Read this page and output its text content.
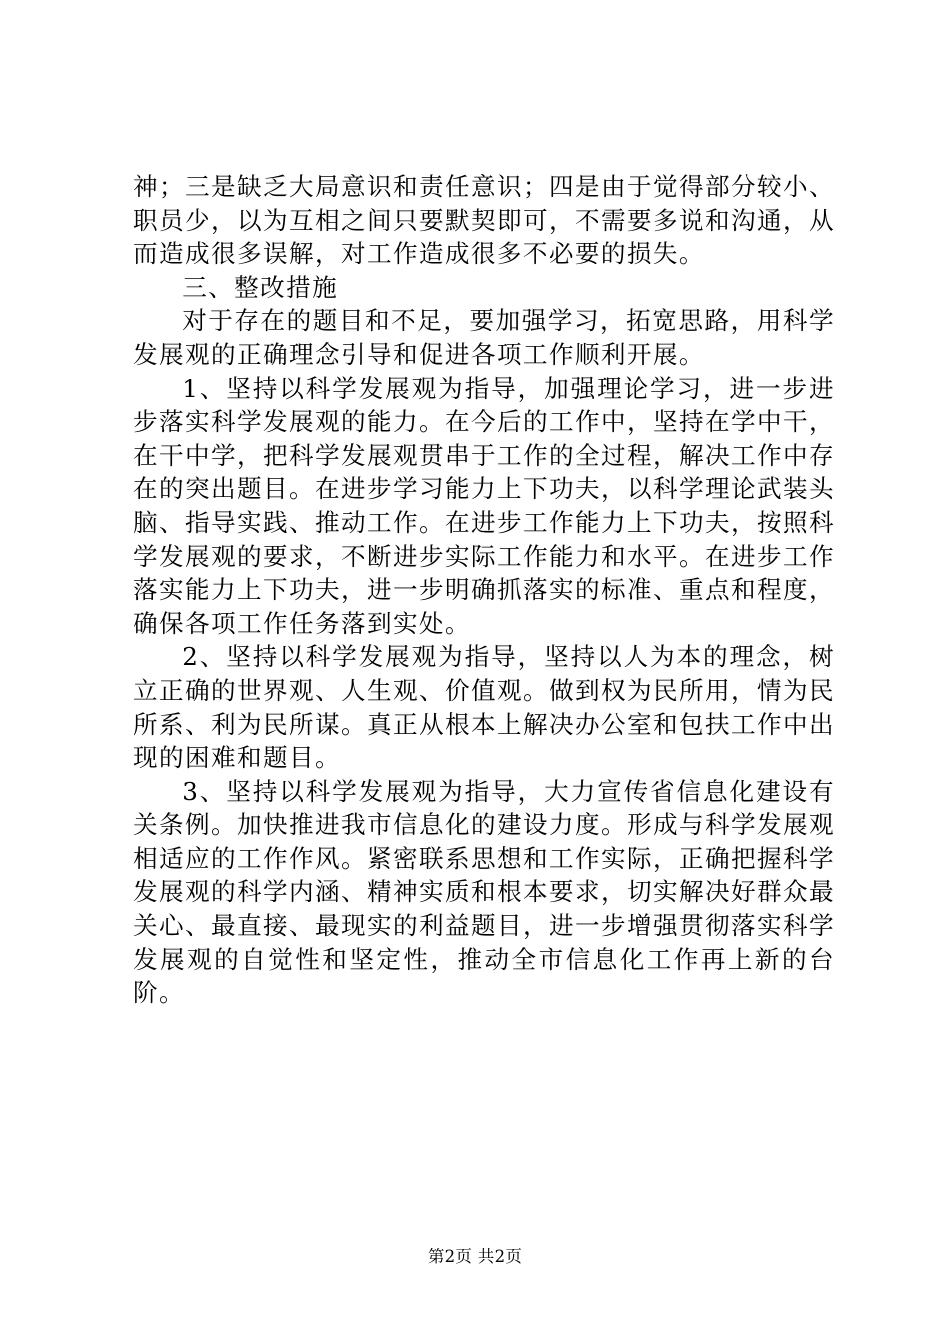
神；三是缺乏大局意识和责任意识；四是由于觉得部分较小、职员少，以为互相之间只要默契即可，不需要多说和沟通，从而造成很多误解，对工作造成很多不必要的损失。

三、整改措施

对于存在的题目和不足，要加强学习，拓宽思路，用科学发展观的正确理念引导和促进各项工作顺利开展。

1、坚持以科学发展观为指导，加强理论学习，进一步进步落实科学发展观的能力。在今后的工作中，坚持在学中干，在干中学，把科学发展观贯串于工作的全过程，解决工作中存在的突出题目。在进步学习能力上下功夫，以科学理论武装头脑、指导实践、推动工作。在进步工作能力上下功夫，按照科学发展观的要求，不断进步实际工作能力和水平。在进步工作落实能力上下功夫，进一步明确抓落实的标准、重点和程度，确保各项工作任务落到实处。

2、坚持以科学发展观为指导，坚持以人为本的理念，树立正确的世界观、人生观、价值观。做到权为民所用，情为民所系、利为民所谋。真正从根本上解决办公室和包扶工作中出现的困难和题目。

3、坚持以科学发展观为指导，大力宣传省信息化建设有关条例。加快推进我市信息化的建设力度。形成与科学发展观相适应的工作作风。紧密联系思想和工作实际，正确把握科学发展观的科学内涵、精神实质和根本要求，切实解决好群众最关心、最直接、最现实的利益题目，进一步增强贯彻落实科学发展观的自觉性和坚定性，推动全市信息化工作再上新的台阶。

第2页 共2页
